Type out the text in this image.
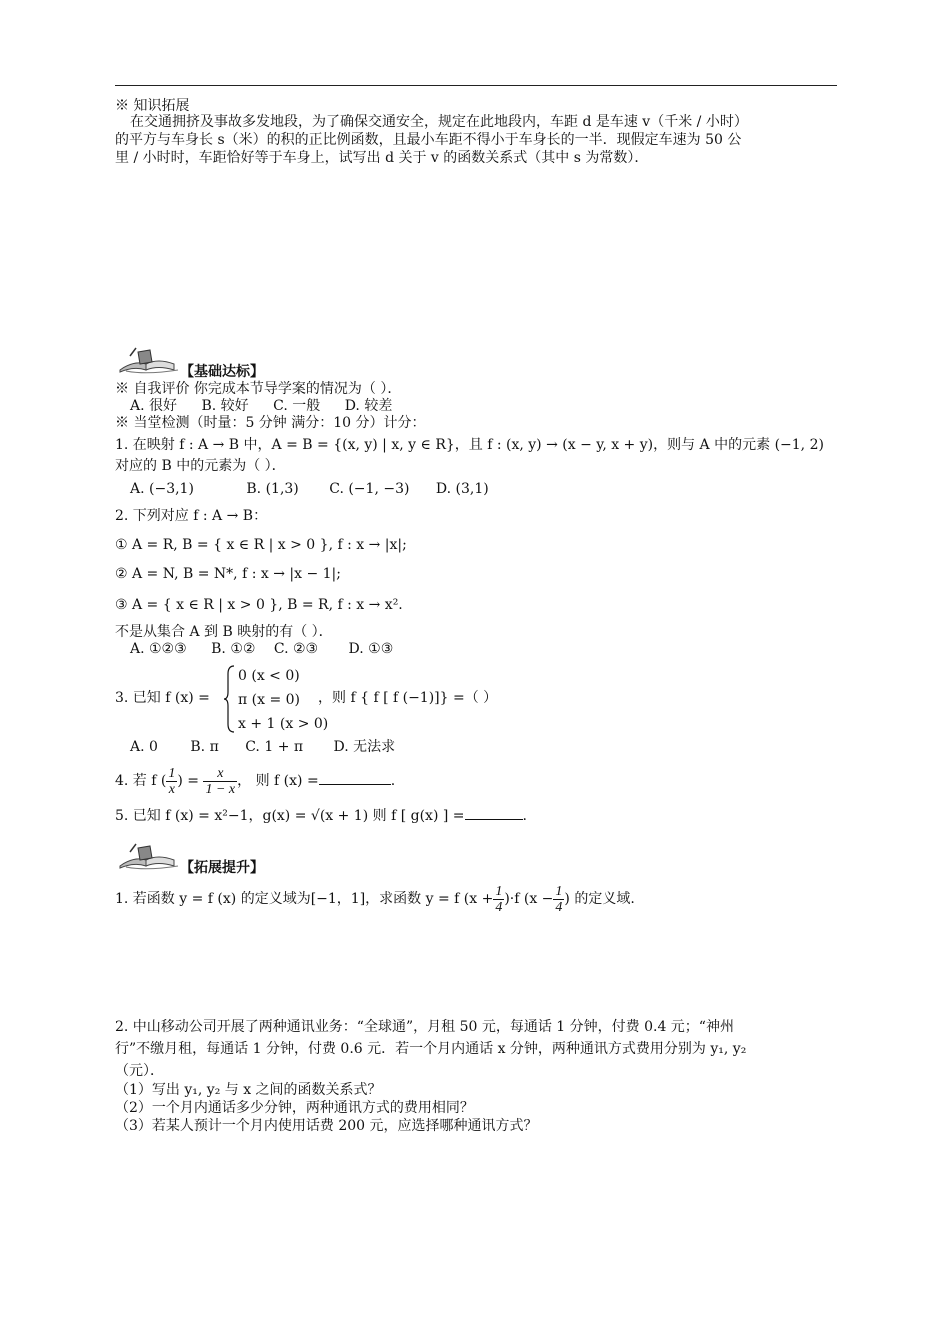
※ 知识拓展
在交通拥挤及事故多发地段，为了确保交通安全，规定在此地段内，车距 d 是车速 v（千米 / 小时）
的平方与车身长 s（米）的积的正比例函数，且最小车距不得小于车身长的一半．现假定车速为 50 公
里 / 小时时，车距恰好等于车身上，试写出 d 关于 v 的函数关系式（其中 s 为常数）．
【基础达标】
※ 自我评价 你完成本节导学案的情况为（ ）．
A. 很好 B. 较好 C. 一般 D. 较差
※ 当堂检测（时量：5 分钟 满分：10 分）计分：
1. 在映射 f : A → B 中，A = B = {(x, y) | x, y ∈ R}，且 f : (x, y) → (x − y, x + y)，则与 A 中的元素 (−1, 2)
对应的 B 中的元素为（ ）．
A. (−3,1)	B. (1,3) C. (−1, −3) D. (3,1)
2. 下列对应 f : A → B：
① A = R, B = { x ∈ R | x > 0 }, f : x → |x|;
② A = N, B = N*, f : x → |x − 1|;
③ A = { x ∈ R | x > 0 }, B = R, f : x → x².
不是从集合 A 到 B 映射的有（ ）．
A. ①②③ B. ①② C. ②③ D. ①③
3. 已知 f (x) =
0 (x < 0)
π (x = 0)
x + 1 (x > 0)
，则 f { f [ f (−1)]} =（ ）
A. 0 B. π C. 1 + π D. 无法求
4. 若 f ( $\frac{1}{x}$ ) = $\frac{x}{1 - x}$ ， 则 f (x) =	.
5. 已知 f (x) = x²−1，g(x) = √(x + 1) 则 f [ g(x) ] =	.
【拓展提升】
1. 若函数 y = f (x) 的定义域为[−1，1]，求函数 y = f $(x + \frac{1}{4} )\cdot f$ ($x - \frac{1}{4}$ ) 的定义域.
2. 中山移动公司开展了两种通讯业务：“全球通”，月租 50 元，每通话 1 分钟，付费 0.4 元；“神州
行”不缴月租，每通话 1 分钟，付费 0.6 元．若一个月内通话 x 分钟，两种通讯方式费用分别为 y₁, y₂
（元）．
（1）写出 y₁, y₂ 与 x 之间的函数关系式？
（2）一个月内通话多少分钟，两种通讯方式的费用相同？
（3）若某人预计一个月内使用话费 200 元，应选择哪种通讯方式？
